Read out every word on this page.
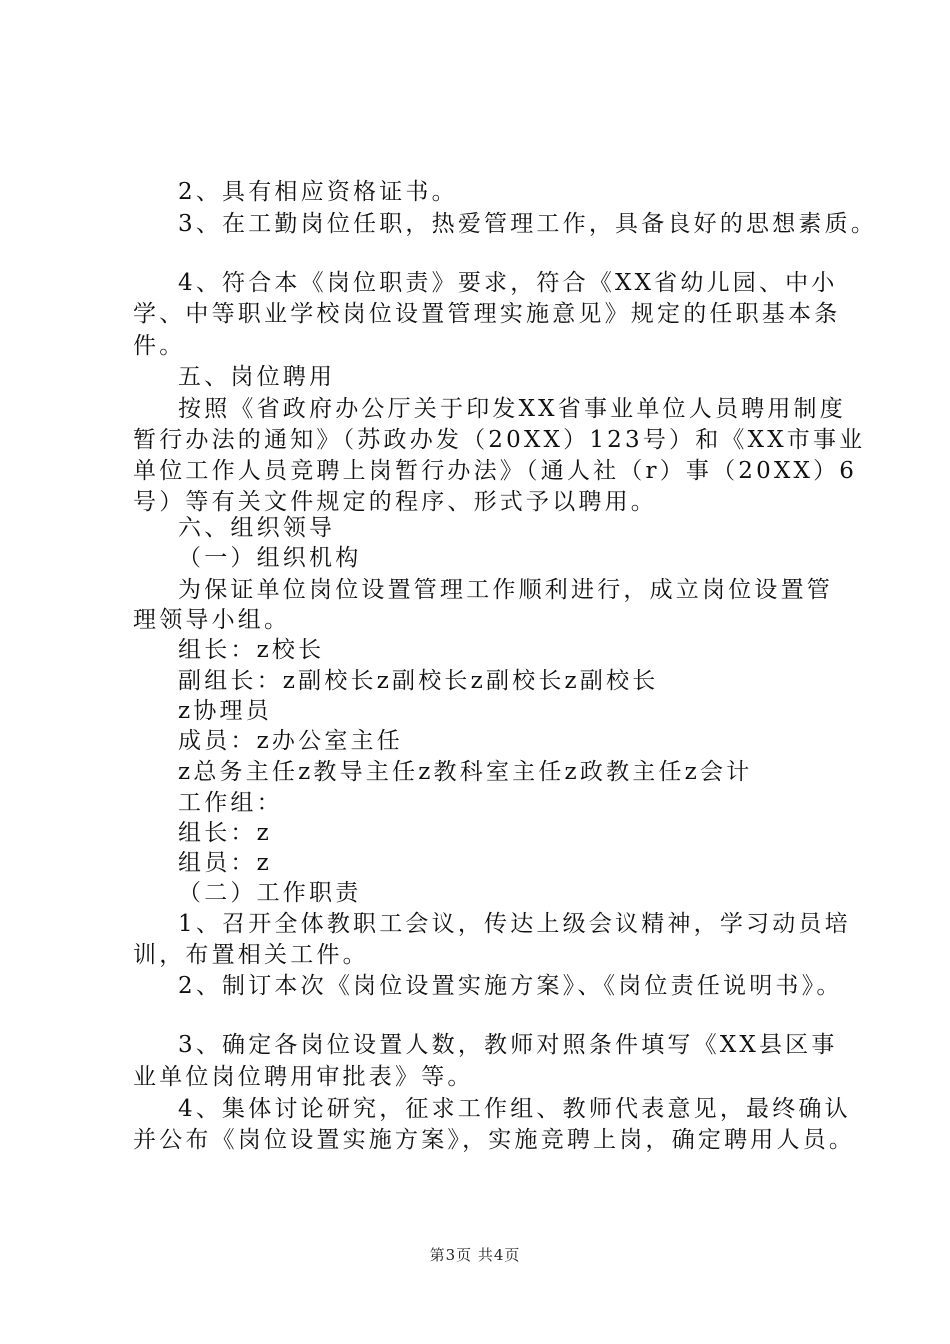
2、具有相应资格证书。
3、在工勤岗位任职，热爱管理工作，具备良好的思想素质。
4、符合本《岗位职责》要求，符合《XX省幼儿园、中小
学、中等职业学校岗位设置管理实施意见》规定的任职基本条
件。
五、岗位聘用
按照《省政府办公厅关于印发XX省事业单位人员聘用制度
暂行办法的通知》（苏政办发（20XX）123号）和《XX市事业
单位工作人员竞聘上岗暂行办法》（通人社（r）事（20XX）6
号）等有关文件规定的程序、形式予以聘用。
六、组织领导
（一）组织机构
为保证单位岗位设置管理工作顺利进行，成立岗位设置管
理领导小组。
组长：z校长
副组长：z副校长z副校长z副校长z副校长
z协理员
成员：z办公室主任
z总务主任z教导主任z教科室主任z政教主任z会计
工作组：
组长：z
组员：z
（二）工作职责
1、召开全体教职工会议，传达上级会议精神，学习动员培
训，布置相关工件。
2、制订本次《岗位设置实施方案》、《岗位责任说明书》。
3、确定各岗位设置人数，教师对照条件填写《XX县区事
业单位岗位聘用审批表》等。
4、集体讨论研究，征求工作组、教师代表意见，最终确认
并公布《岗位设置实施方案》，实施竞聘上岗，确定聘用人员。
第3页 共4页
